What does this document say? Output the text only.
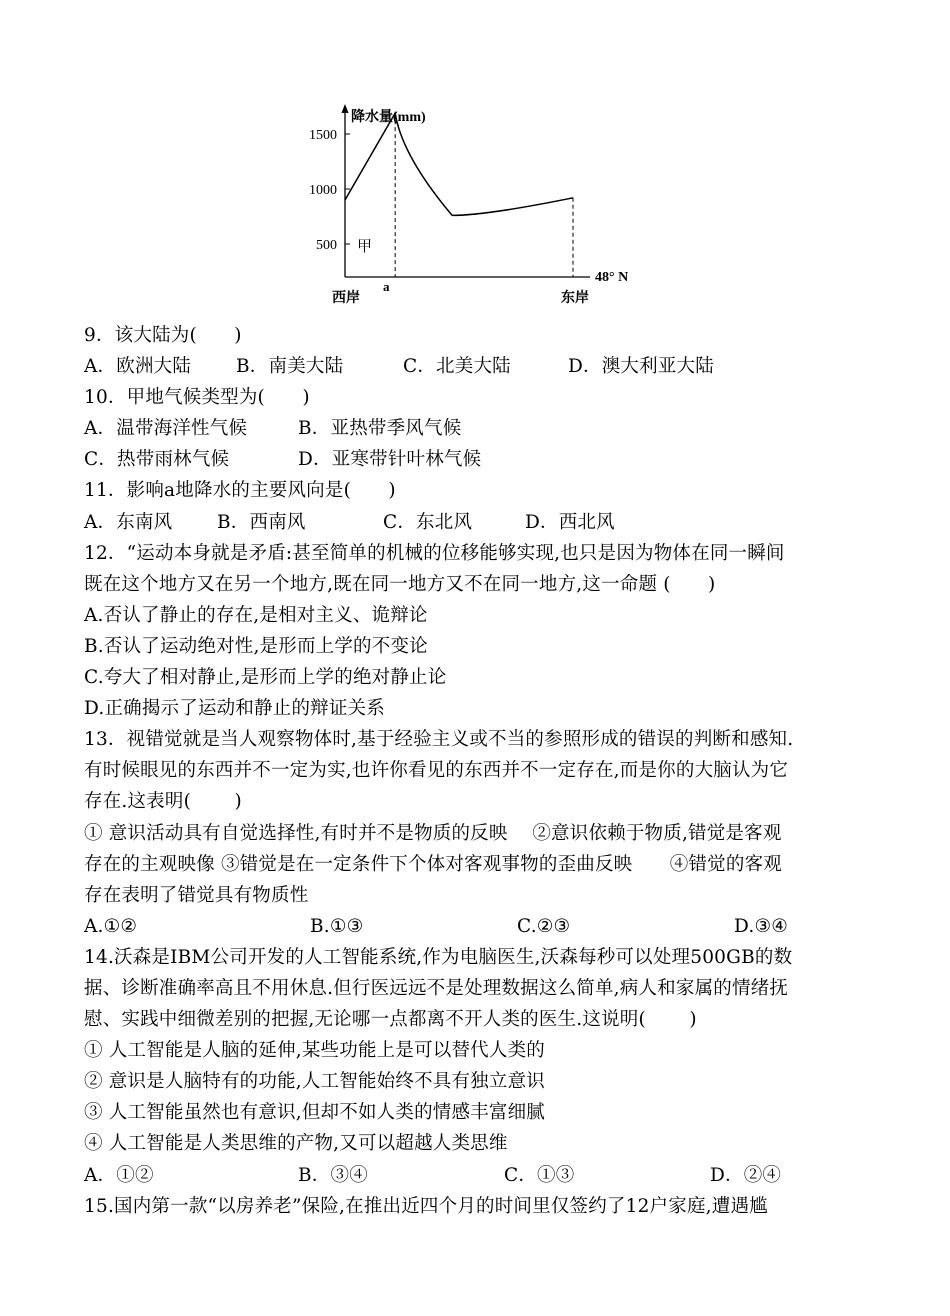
降水量(mm)
1500
1000
500 甲
西岸
a
东岸
48° N
9．该大陆为(　　)
A．欧洲大陆	B．南美大陆	C．北美大陆	D．澳大利亚大陆
10．甲地气候类型为(　　)
A．温带海洋性气候	B．亚热带季风气候
C．热带雨林气候	D．亚寒带针叶林气候
11．影响a地降水的主要风向是(　　)
A．东南风	B．西南风	C．东北风	D．西北风
12．“运动本身就是矛盾:甚至简单的机械的位移能够实现,也只是因为物体在同一瞬间
既在这个地方又在另一个地方,既在同一地方又不在同一地方,这一命题 (　　)
A.否认了静止的存在,是相对主义、诡辩论
B.否认了运动绝对性,是形而上学的不变论
C.夸大了相对静止,是形而上学的绝对静止论
D.正确揭示了运动和静止的辩证关系
13．视错觉就是当人观察物体时,基于经验主义或不当的参照形成的错误的判断和感知.
有时候眼见的东西并不一定为实,也许你看见的东西并不一定存在,而是你的大脑认为它
存在.这表明(　　 )
① 意识活动具有自觉选择性,有时并不是物质的反映　 ②意识依赖于物质,错觉是客观
存在的主观映像 ③错觉是在一定条件下个体对客观事物的歪曲反映　　④错觉的客观
存在表明了错觉具有物质性
A.①②	B.①③	C.②③	D.③④
14.沃森是IBM公司开发的人工智能系统,作为电脑医生,沃森每秒可以处理500GB的数
据、诊断准确率高且不用休息.但行医远远不是处理数据这么简单,病人和家属的情绪抚
慰、实践中细微差别的把握,无论哪一点都离不开人类的医生.这说明(　　 )
① 人工智能是人脑的延伸,某些功能上是可以替代人类的
② 意识是人脑特有的功能,人工智能始终不具有独立意识
③ 人工智能虽然也有意识,但却不如人类的情感丰富细腻
④ 人工智能是人类思维的产物,又可以超越人类思维
A．①②	B．③④	C．①③	D．②④
15.国内第一款“以房养老”保险,在推出近四个月的时间里仅签约了12户家庭,遭遇尴
